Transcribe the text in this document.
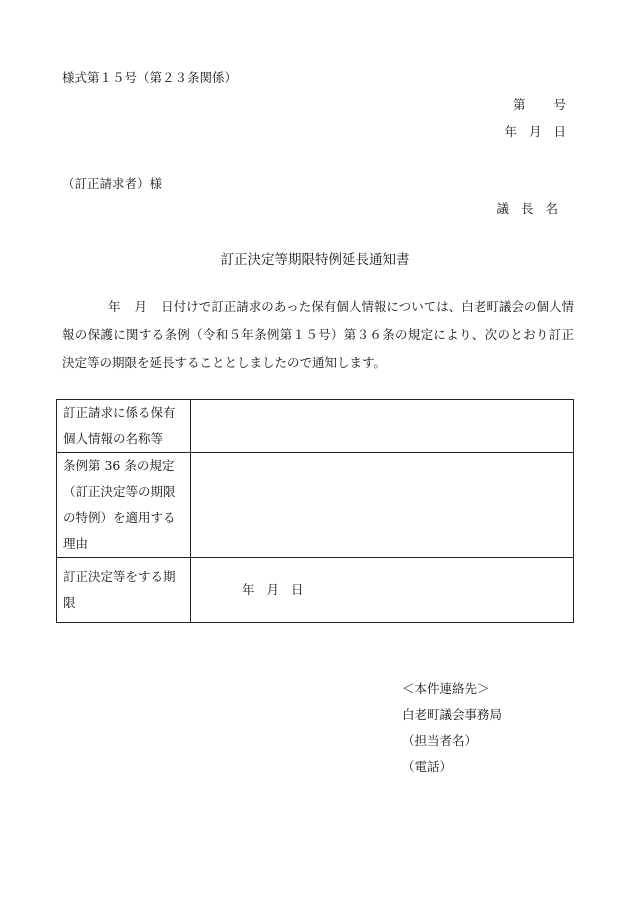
様式第１５号（第２３条関係）
第 号
年 月 日
（訂正請求者）様
議 長 名
訂正決定等期限特例延長通知書
年 月 日付けで訂正請求のあった保有個人情報については、白老町議会の個人情報の保護に関する条例（令和５年条例第１５号）第３６条の規定により、次のとおり訂正決定等の期限を延長することとしましたので通知します。
訂正請求に係る保有個人情報の名称等	
条例第 36 条の規定（訂正決定等の期限の特例）を適用する理由	
訂正決定等をする期限	年 月 日
＜本件連絡先＞
白老町議会事務局
（担当者名）
（電話）
